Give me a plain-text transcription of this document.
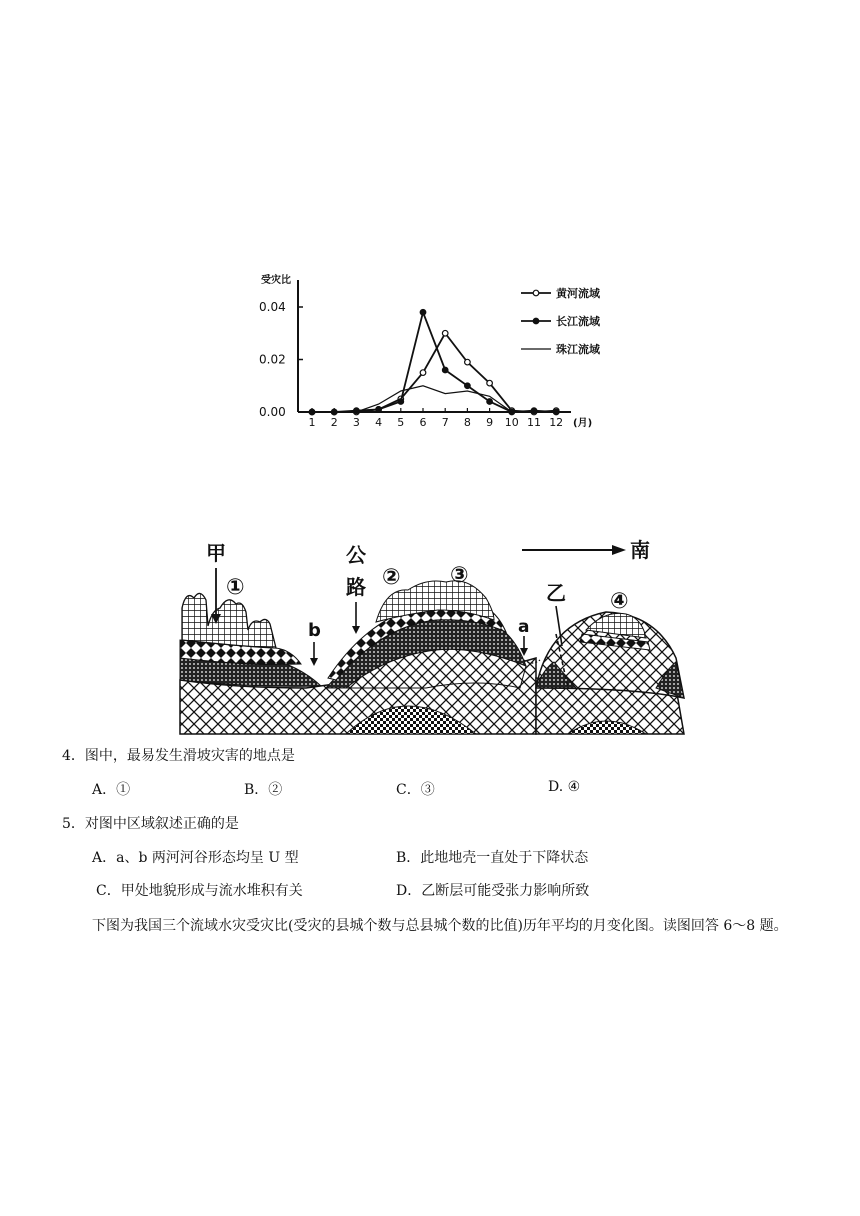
受灾比
0.04
0.02
0.00
1 2 3 4 5 6 7 8 9 10 11 12 (月)
黄河流域
长江流域
珠江流域
甲
①
b
公
路 ② ③
a
乙 ④
南
4．图中，最易发生滑坡灾害的地点是
A．①	B．②	C．③	D. ④
5．对图中区域叙述正确的是
A．a、b 两河河谷形态均呈 U 型	B．此地地壳一直处于下降状态
C．甲处地貌形成与流水堆积有关	D．乙断层可能受张力影响所致
下图为我国三个流域水灾受灾比(受灾的县城个数与总县城个数的比值)历年平均的月变化图。读图回答 6～8 题。
